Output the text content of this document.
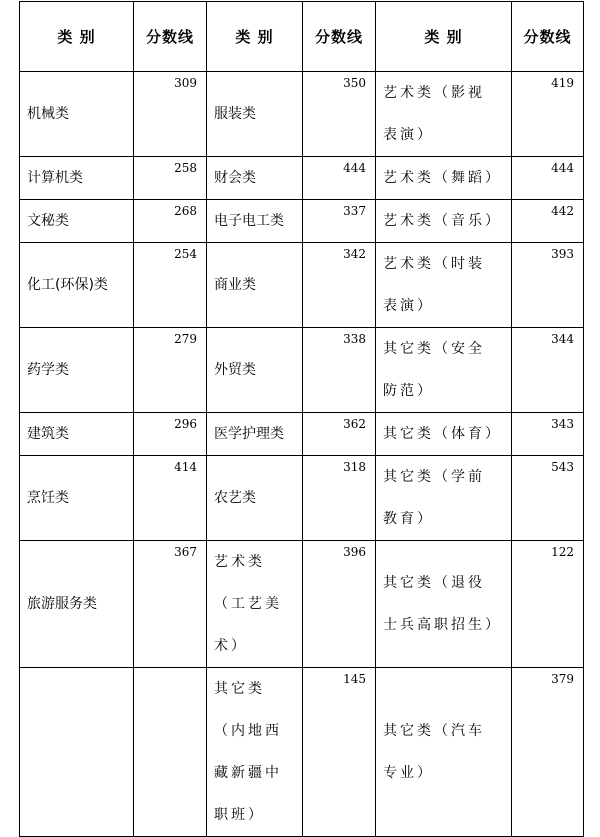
类 别	分数线	类 别	分数线	类 别	分数线
机械类	309	服装类	350	艺术类（影视表演）	419
计算机类	258	财会类	444	艺术类（舞蹈）	444
文秘类	268	电子电工类	337	艺术类（音乐）	442
化工(环保)类	254	商业类	342	艺术类（时装表演）	393
药学类	279	外贸类	338	其它类（安全防范）	344
建筑类	296	医学护理类	362	其它类（体育）	343
烹饪类	414	农艺类	318	其它类（学前教育）	543
旅游服务类	367	艺术类（工艺美术）	396	其它类（退役士兵高职招生）	122
		其它类（内地西藏新疆中职班）	145	其它类（汽车专业）	379
